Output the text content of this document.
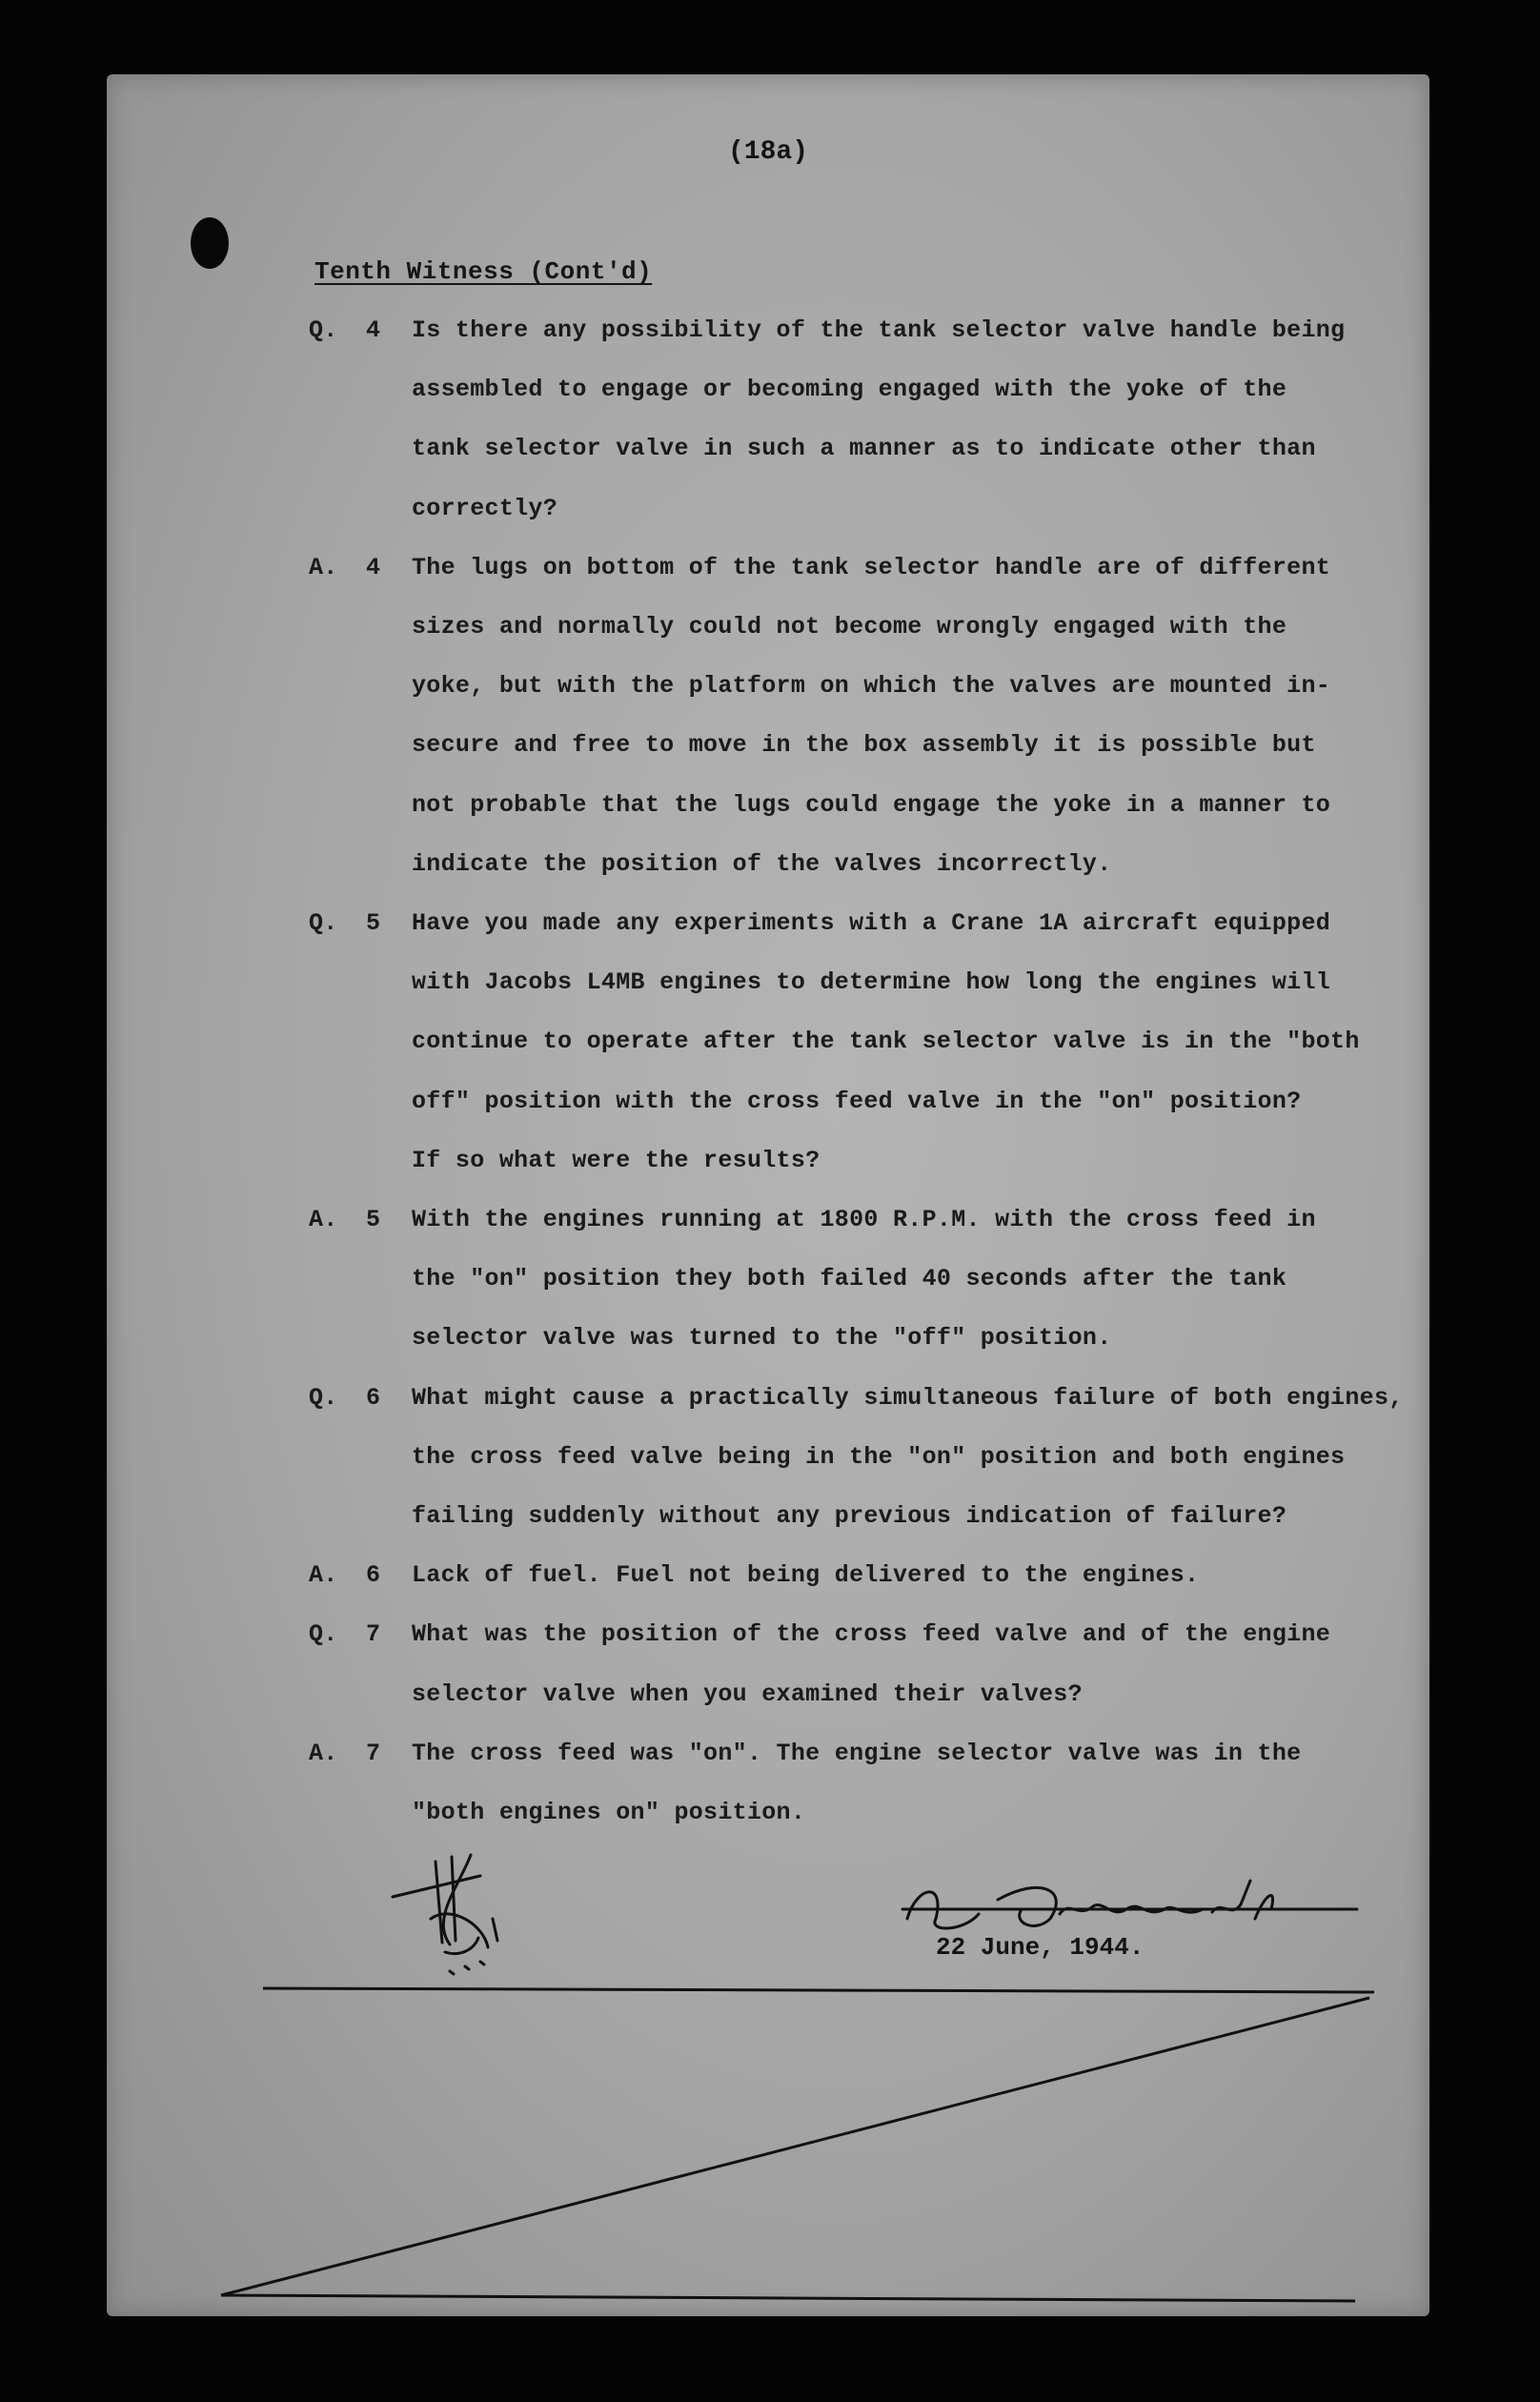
(18a)
Tenth Witness (Cont'd)
Q. 4 Is there any possibility of the tank selector valve handle being
assembled to engage or becoming engaged with the yoke of the
tank selector valve in such a manner as to indicate other than
correctly?
A. 4 The lugs on bottom of the tank selector handle are of different
sizes and normally could not become wrongly engaged with the
yoke, but with the platform on which the valves are mounted in-
secure and free to move in the box assembly it is possible but
not probable that the lugs could engage the yoke in a manner to
indicate the position of the valves incorrectly.
Q. 5 Have you made any experiments with a Crane 1A aircraft equipped
with Jacobs L4MB engines to determine how long the engines will
continue to operate after the tank selector valve is in the "both
off" position with the cross feed valve in the "on" position?
If so what were the results?
A. 5 With the engines running at 1800 R.P.M. with the cross feed in
the "on" position they both failed 40 seconds after the tank
selector valve was turned to the "off" position.
Q. 6 What might cause a practically simultaneous failure of both engines,
the cross feed valve being in the "on" position and both engines
failing suddenly without any previous indication of failure?
A. 6 Lack of fuel. Fuel not being delivered to the engines.
Q. 7 What was the position of the cross feed valve and of the engine
selector valve when you examined their valves?
A. 7 The cross feed was "on". The engine selector valve was in the
"both engines on" position.
22 June, 1944.
